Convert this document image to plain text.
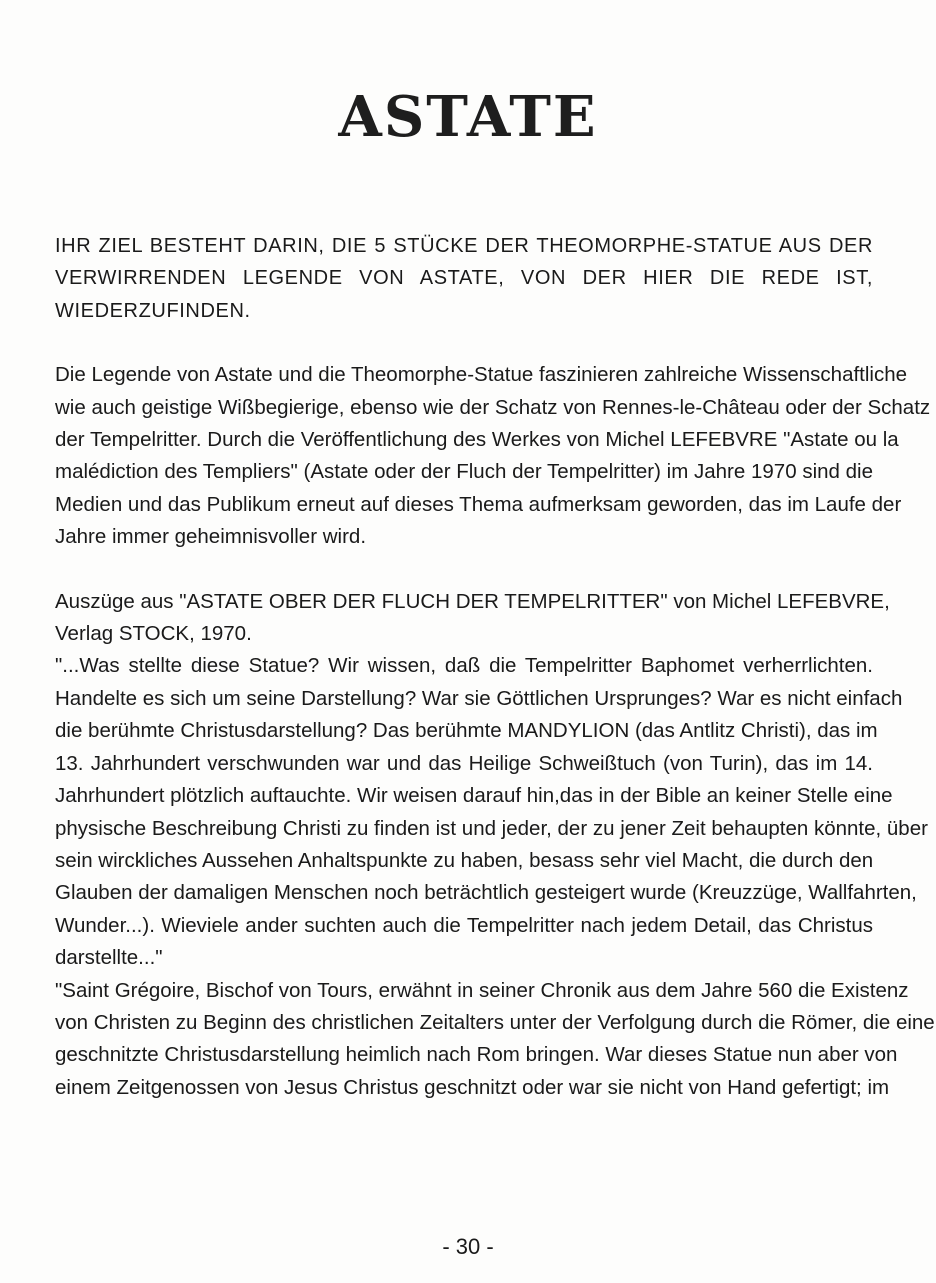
ASTATE
IHR ZIEL BESTEHT DARIN, DIE 5 STÜCKE DER THEOMORPHE-STATUE AUS DER
VERWIRRENDEN LEGENDE VON ASTATE, VON DER HIER DIE REDE IST,
WIEDERZUFINDEN.
Die Legende von Astate und die Theomorphe-Statue faszinieren zahlreiche Wissenschaftliche
wie auch geistige Wißbegierige, ebenso wie der Schatz von Rennes-le-Château oder der Schatz
der Tempelritter. Durch die Veröffentlichung des Werkes von Michel LEFEBVRE "Astate ou la
malédiction des Templiers" (Astate oder der Fluch der Tempelritter) im Jahre 1970 sind die
Medien und das Publikum erneut auf dieses Thema aufmerksam geworden, das im Laufe der
Jahre immer geheimnisvoller wird.
Auszüge aus "ASTATE OBER DER FLUCH DER TEMPELRITTER" von Michel LEFEBVRE,
Verlag STOCK, 1970.
"...Was stellte diese Statue? Wir wissen, daß die Tempelritter Baphomet verherrlichten.
Handelte es sich um seine Darstellung? War sie Göttlichen Ursprunges? War es nicht einfach
die berühmte Christusdarstellung? Das berühmte MANDYLION (das Antlitz Christi), das im
13. Jahrhundert verschwunden war und das Heilige Schweißtuch (von Turin), das im 14.
Jahrhundert plötzlich auftauchte. Wir weisen darauf hin,das in der Bible an keiner Stelle eine
physische Beschreibung Christi zu finden ist und jeder, der zu jener Zeit behaupten könnte, über
sein wirckliches Aussehen Anhaltspunkte zu haben, besass sehr viel Macht, die durch den
Glauben der damaligen Menschen noch beträchtlich gesteigert wurde (Kreuzzüge, Wallfahrten,
Wunder...). Wieviele ander suchten auch die Tempelritter nach jedem Detail, das Christus
darstellte..."
"Saint Grégoire, Bischof von Tours, erwähnt in seiner Chronik aus dem Jahre 560 die Existenz
von Christen zu Beginn des christlichen Zeitalters unter der Verfolgung durch die Römer, die eine
geschnitzte Christusdarstellung heimlich nach Rom bringen. War dieses Statue nun aber von
einem Zeitgenossen von Jesus Christus geschnitzt oder war sie nicht von Hand gefertigt; im
- 30 -
